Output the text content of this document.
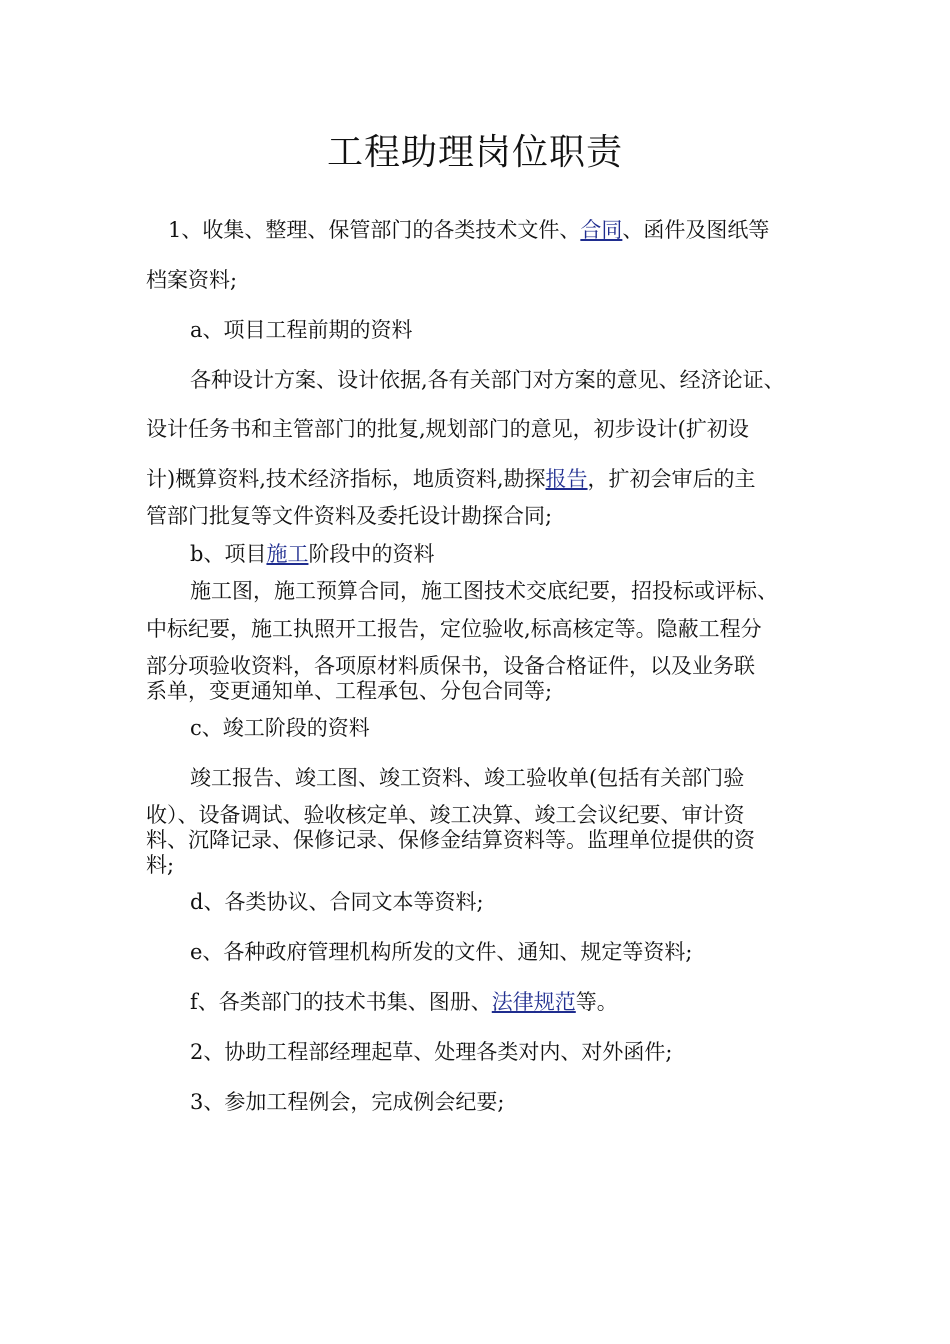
工程助理岗位职责
1、收集、整理、保管部门的各类技术文件、合同、函件及图纸等
档案资料;
a、项目工程前期的资料
各种设计方案、设计依据,各有关部门对方案的意见、经济论证、
设计任务书和主管部门的批复,规划部门的意见，初步设计(扩初设
计)概算资料,技术经济指标，地质资料,勘探报告，扩初会审后的主
管部门批复等文件资料及委托设计勘探合同;
b、项目施工阶段中的资料
施工图，施工预算合同，施工图技术交底纪要，招投标或评标、
中标纪要，施工执照开工报告，定位验收,标高核定等。隐蔽工程分
部分项验收资料，各项原材料质保书，设备合格证件，以及业务联
系单，变更通知单、工程承包、分包合同等;
c、竣工阶段的资料
竣工报告、竣工图、竣工资料、竣工验收单(包括有关部门验
收）、设备调试、验收核定单、竣工决算、竣工会议纪要、审计资
料、沉降记录、保修记录、保修金结算资料等。监理单位提供的资
料;
d、各类协议、合同文本等资料;
e、各种政府管理机构所发的文件、通知、规定等资料;
f、各类部门的技术书集、图册、法律规范等。
2、协助工程部经理起草、处理各类对内、对外函件;
3、参加工程例会，完成例会纪要;
